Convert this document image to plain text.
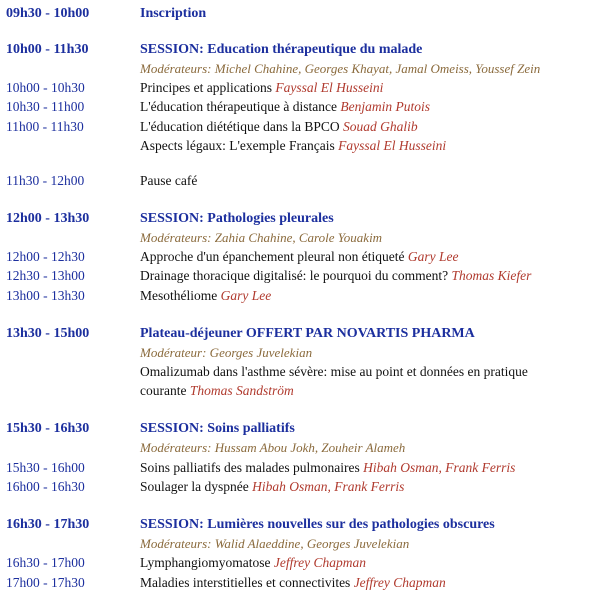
09h30 - 10h00	Inscription
10h00 - 11h30	SESSION: Education thérapeutique du malade
Modérateurs: Michel Chahine, Georges Khayat, Jamal Omeiss, Youssef Zein
10h00 - 10h30	Principes et applications Fayssal El Husseini
10h30 - 11h00	L'éducation thérapeutique à distance Benjamin Putois
11h00 - 11h30	L'éducation diététique dans la BPCO Souad Ghalib
Aspects légaux: L'exemple Français Fayssal El Husseini
11h30 - 12h00	Pause café
12h00 - 13h30	SESSION: Pathologies pleurales
Modérateurs: Zahia Chahine, Carole Youakim
12h00 - 12h30	Approche d'un épanchement pleural non étiqueté Gary Lee
12h30 - 13h00	Drainage thoracique digitalisé: le pourquoi du comment? Thomas Kiefer
13h00 - 13h30	Mesothéliome Gary Lee
13h30 - 15h00	Plateau-déjeuner OFFERT PAR NOVARTIS PHARMA
Modérateur: Georges Juvelekian
Omalizumab dans l'asthme sévère: mise au point et données en pratique
courante Thomas Sandström
15h30 - 16h30	SESSION: Soins palliatifs
Modérateurs: Hussam Abou Jokh, Zouheir Alameh
15h30 - 16h00	Soins palliatifs des malades pulmonaires Hibah Osman, Frank Ferris
16h00 - 16h30	Soulager la dyspnée Hibah Osman, Frank Ferris
16h30 - 17h30	SESSION: Lumières nouvelles sur des pathologies obscures
Modérateurs: Walid Alaeddine, Georges Juvelekian
16h30 - 17h00	Lymphangiomyomatose Jeffrey Chapman
17h00 - 17h30	Maladies interstitielles et connectivites Jeffrey Chapman
